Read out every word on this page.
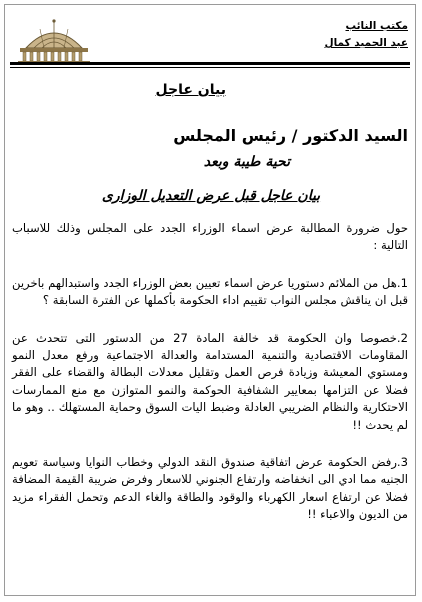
مكتب النائب
عبد الحميد كمال
بيان عاجل
السيد الدكتور / رئيس المجلس
تحية طيبة وبعد
بيان عاجل قبل عرض التعديل الوزارى

حول ضرورة المطالبة عرض اسماء الوزراء الجدد على المجلس وذلك للاسباب التالية :

1.هل من الملائم دستوريا عرض اسماء تعيين بعض الوزراء الجدد واستبدالهم باخرين قبل ان يناقش مجلس النواب تقييم اداء الحكومة بأكملها عن الفترة السابقة ؟

2.خصوصا وان الحكومة قد خالفة المادة 27 من الدستور التى تتحدث عن المقاومات الاقتصادية والتنمية المستدامة والعدالة الاجتماعية ورفع معدل النمو ومستوي المعيشة وزيادة فرص العمل وتقليل معدلات البطالة والقضاء على الفقر فضلا عن التزامها بمعايير الشفافية الحوكمة والنمو المتوازن مع منع الممارسات الاحتكارية والنظام الضريبي العادلة وضبط اليات السوق وحماية المستهلك .. وهو ما لم يحدث !!

3.رفض الحكومة عرض اتفاقية صندوق النقد الدولي وخطاب النوايا وسياسة تعويم الجنيه مما ادي الى انخفاضه وارتفاع الجنوني للاسعار وفرض ضريبة القيمة المضافة فضلا عن ارتفاع اسعار الكهرباء والوقود والطاقة والغاء الدعم وتحمل الفقراء مزيد من الديون والاعباء !!
